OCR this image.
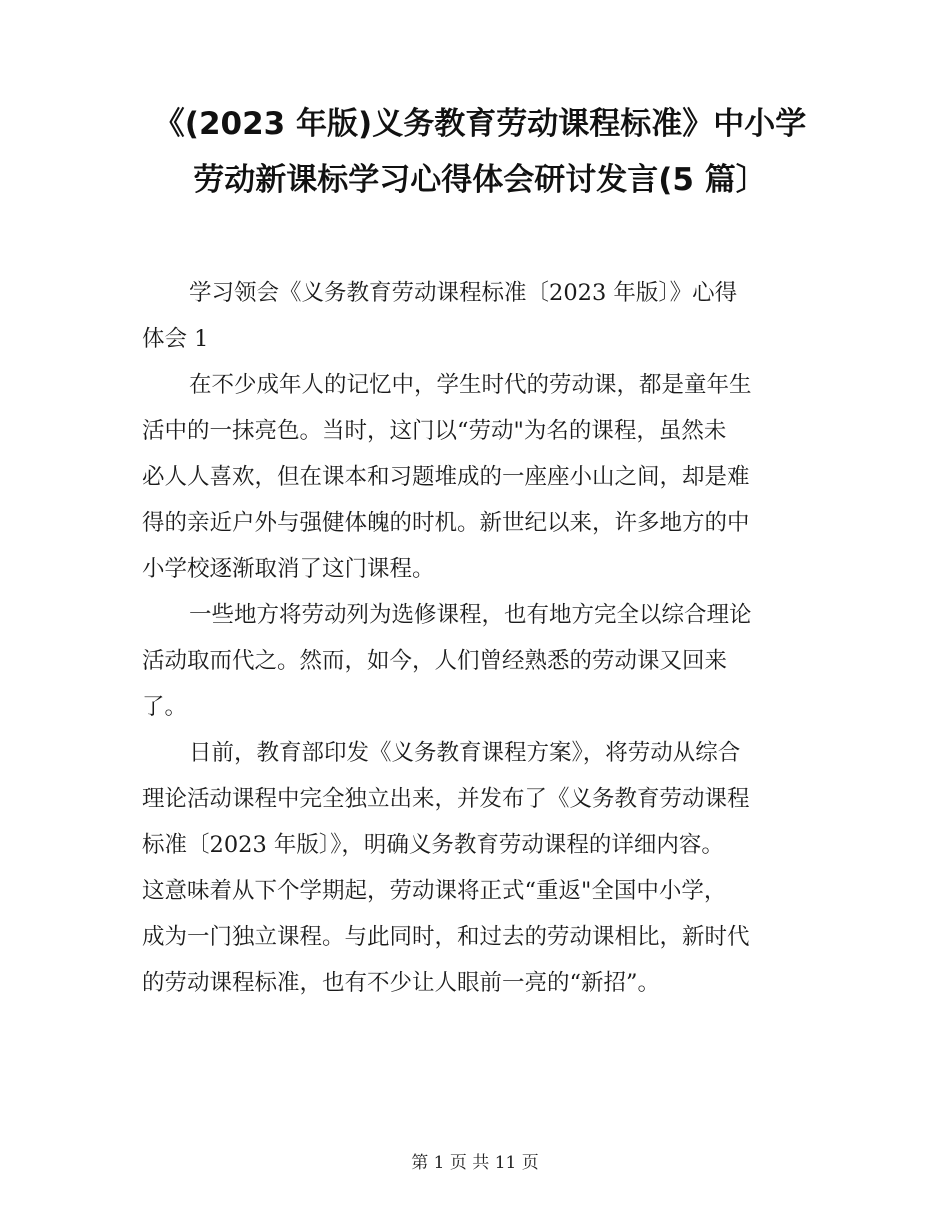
《(2023 年版)义务教育劳动课程标准》中小学
劳动新课标学习心得体会研讨发言(5 篇〕
学习领会《义务教育劳动课程标准〔2023 年版〕》心得
体会 1
在不少成年人的记忆中，学生时代的劳动课，都是童年生
活中的一抹亮色。当时，这门以“劳动"为名的课程，虽然未
必人人喜欢，但在课本和习题堆成的一座座小山之间，却是难
得的亲近户外与强健体魄的时机。新世纪以来，许多地方的中
小学校逐渐取消了这门课程。
一些地方将劳动列为选修课程，也有地方完全以综合理论
活动取而代之。然而，如今，人们曾经熟悉的劳动课又回来
了。
日前，教育部印发《义务教育课程方案》，将劳动从综合
理论活动课程中完全独立出来，并发布了《义务教育劳动课程
标准〔2023 年版〕》，明确义务教育劳动课程的详细内容。
这意味着从下个学期起，劳动课将正式“重返"全国中小学，
成为一门独立课程。与此同时，和过去的劳动课相比，新时代
的劳动课程标准，也有不少让人眼前一亮的“新招”。
第 1 页 共 11 页
